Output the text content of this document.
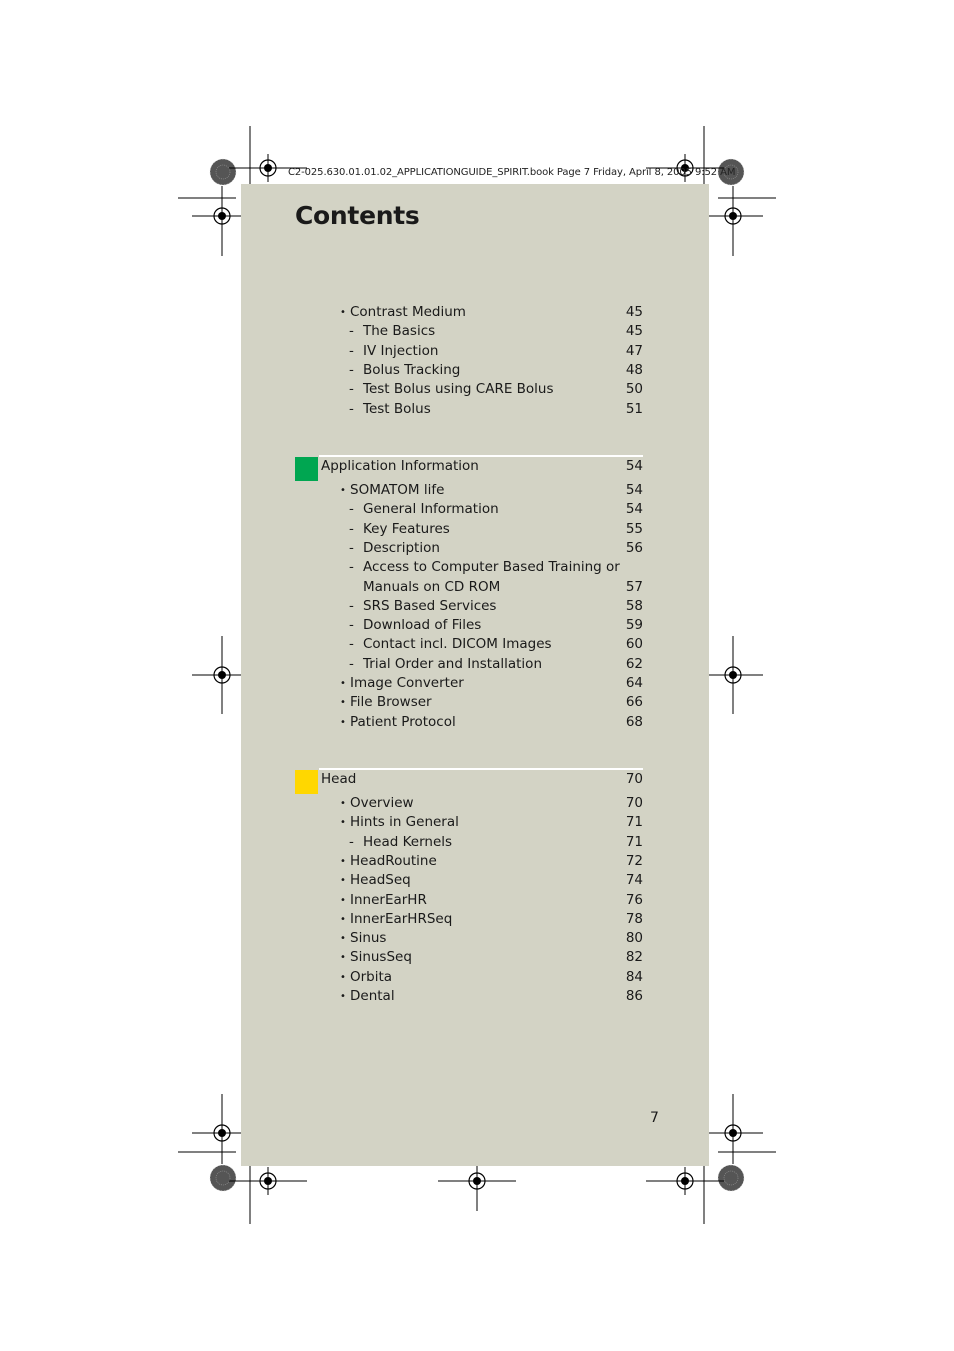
C2-025.630.01.01.02_APPLICATIONGUIDE_SPIRIT.book Page 7 Friday, April 8, 2005 9:52 AM
Contents
• Contrast Medium	45
- The Basics	45
- IV Injection	47
- Bolus Tracking	48
- Test Bolus using CARE Bolus	50
- Test Bolus	51
Application Information	54
• SOMATOM life	54
- General Information	54
- Key Features	55
- Description	56
- Access to Computer Based Training or
Manuals on CD ROM	57
- SRS Based Services	58
- Download of Files	59
- Contact incl. DICOM Images	60
- Trial Order and Installation	62
• Image Converter	64
• File Browser	66
• Patient Protocol	68
Head	70
• Overview	70
• Hints in General	71
- Head Kernels	71
• HeadRoutine	72
• HeadSeq	74
• InnerEarHR	76
• InnerEarHRSeq	78
• Sinus	80
• SinusSeq	82
• Orbita	84
• Dental	86
7
